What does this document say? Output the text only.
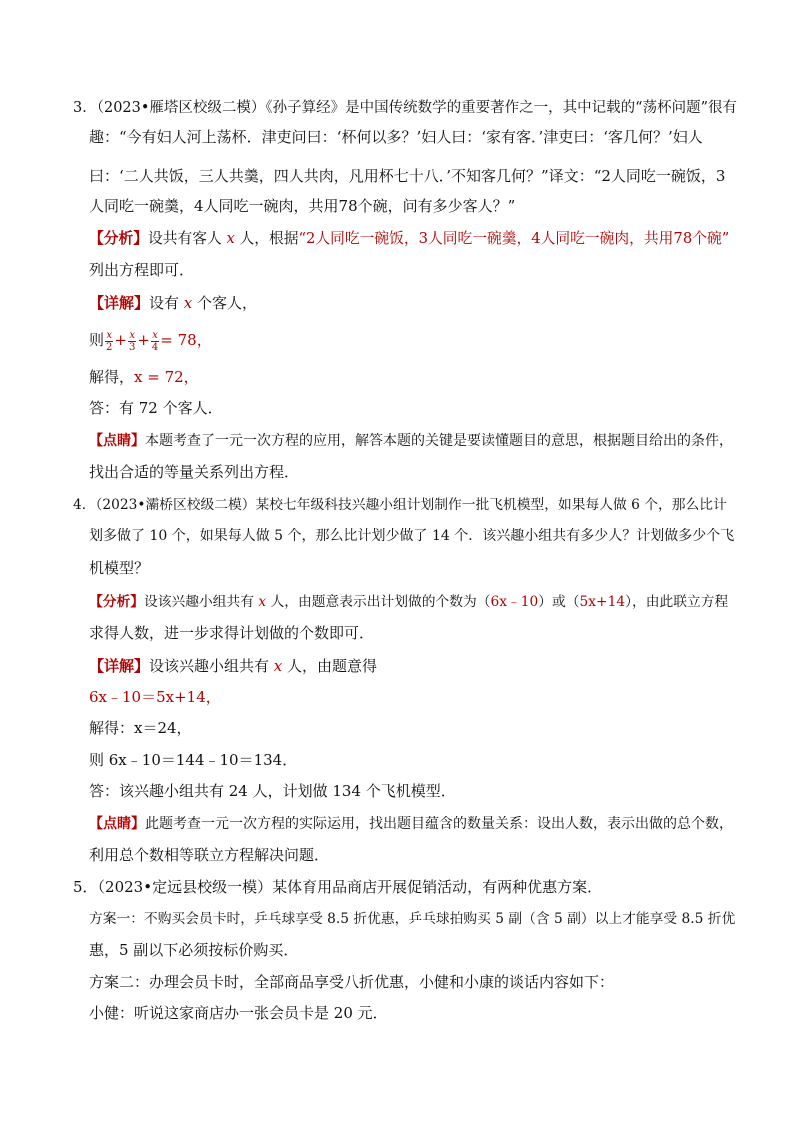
3．（2023•雁塔区校级二模）《孙子算经》是中国传统数学的重要著作之一，其中记载的“荡杯问题”很有
趣：“今有妇人河上荡杯．津吏问曰：‘杯何以多？’妇人曰：‘家有客．’津吏曰：‘客几何？’妇人
曰：‘二人共饭，三人共羹，四人共肉，凡用杯七十八．’不知客几何？”译文：“2人同吃一碗饭，3
人同吃一碗羹，4人同吃一碗肉，共用78个碗，问有多少客人？”
【分析】设共有客人 x 人，根据“2人同吃一碗饭，3人同吃一碗羹，4人同吃一碗肉，共用78个碗”
列出方程即可．
【详解】设有 x 个客人，
则 $\frac{x}{2} + \frac{x}{3} + \frac{x}{4} = 78$，
解得，x = 72，
答：有 72 个客人．
【点睛】本题考查了一元一次方程的应用，解答本题的关键是要读懂题目的意思，根据题目给出的条件，
找出合适的等量关系列出方程．
4．（2023•灞桥区校级二模）某校七年级科技兴趣小组计划制作一批飞机模型，如果每人做 6 个，那么比计
划多做了 10 个，如果每人做 5 个，那么比计划少做了 14 个．该兴趣小组共有多少人？计划做多少个飞
机模型？
【分析】设该兴趣小组共有 x 人，由题意表示出计划做的个数为（6x﹣10）或（5x+14），由此联立方程
求得人数，进一步求得计划做的个数即可．
【详解】设该兴趣小组共有 x 人，由题意得
6x﹣10＝5x+14，
解得：x＝24，
则 6x﹣10＝144﹣10＝134．
答：该兴趣小组共有 24 人，计划做 134 个飞机模型．
【点睛】此题考查一元一次方程的实际运用，找出题目蕴含的数量关系：设出人数，表示出做的总个数，
利用总个数相等联立方程解决问题．
5．（2023•定远县校级一模）某体育用品商店开展促销活动，有两种优惠方案．
方案一：不购买会员卡时，乒乓球享受 8.5 折优惠，乒乓球拍购买 5 副（含 5 副）以上才能享受 8.5 折优
惠，5 副以下必须按标价购买．
方案二：办理会员卡时，全部商品享受八折优惠，小健和小康的谈话内容如下：
小健：听说这家商店办一张会员卡是 20 元．
